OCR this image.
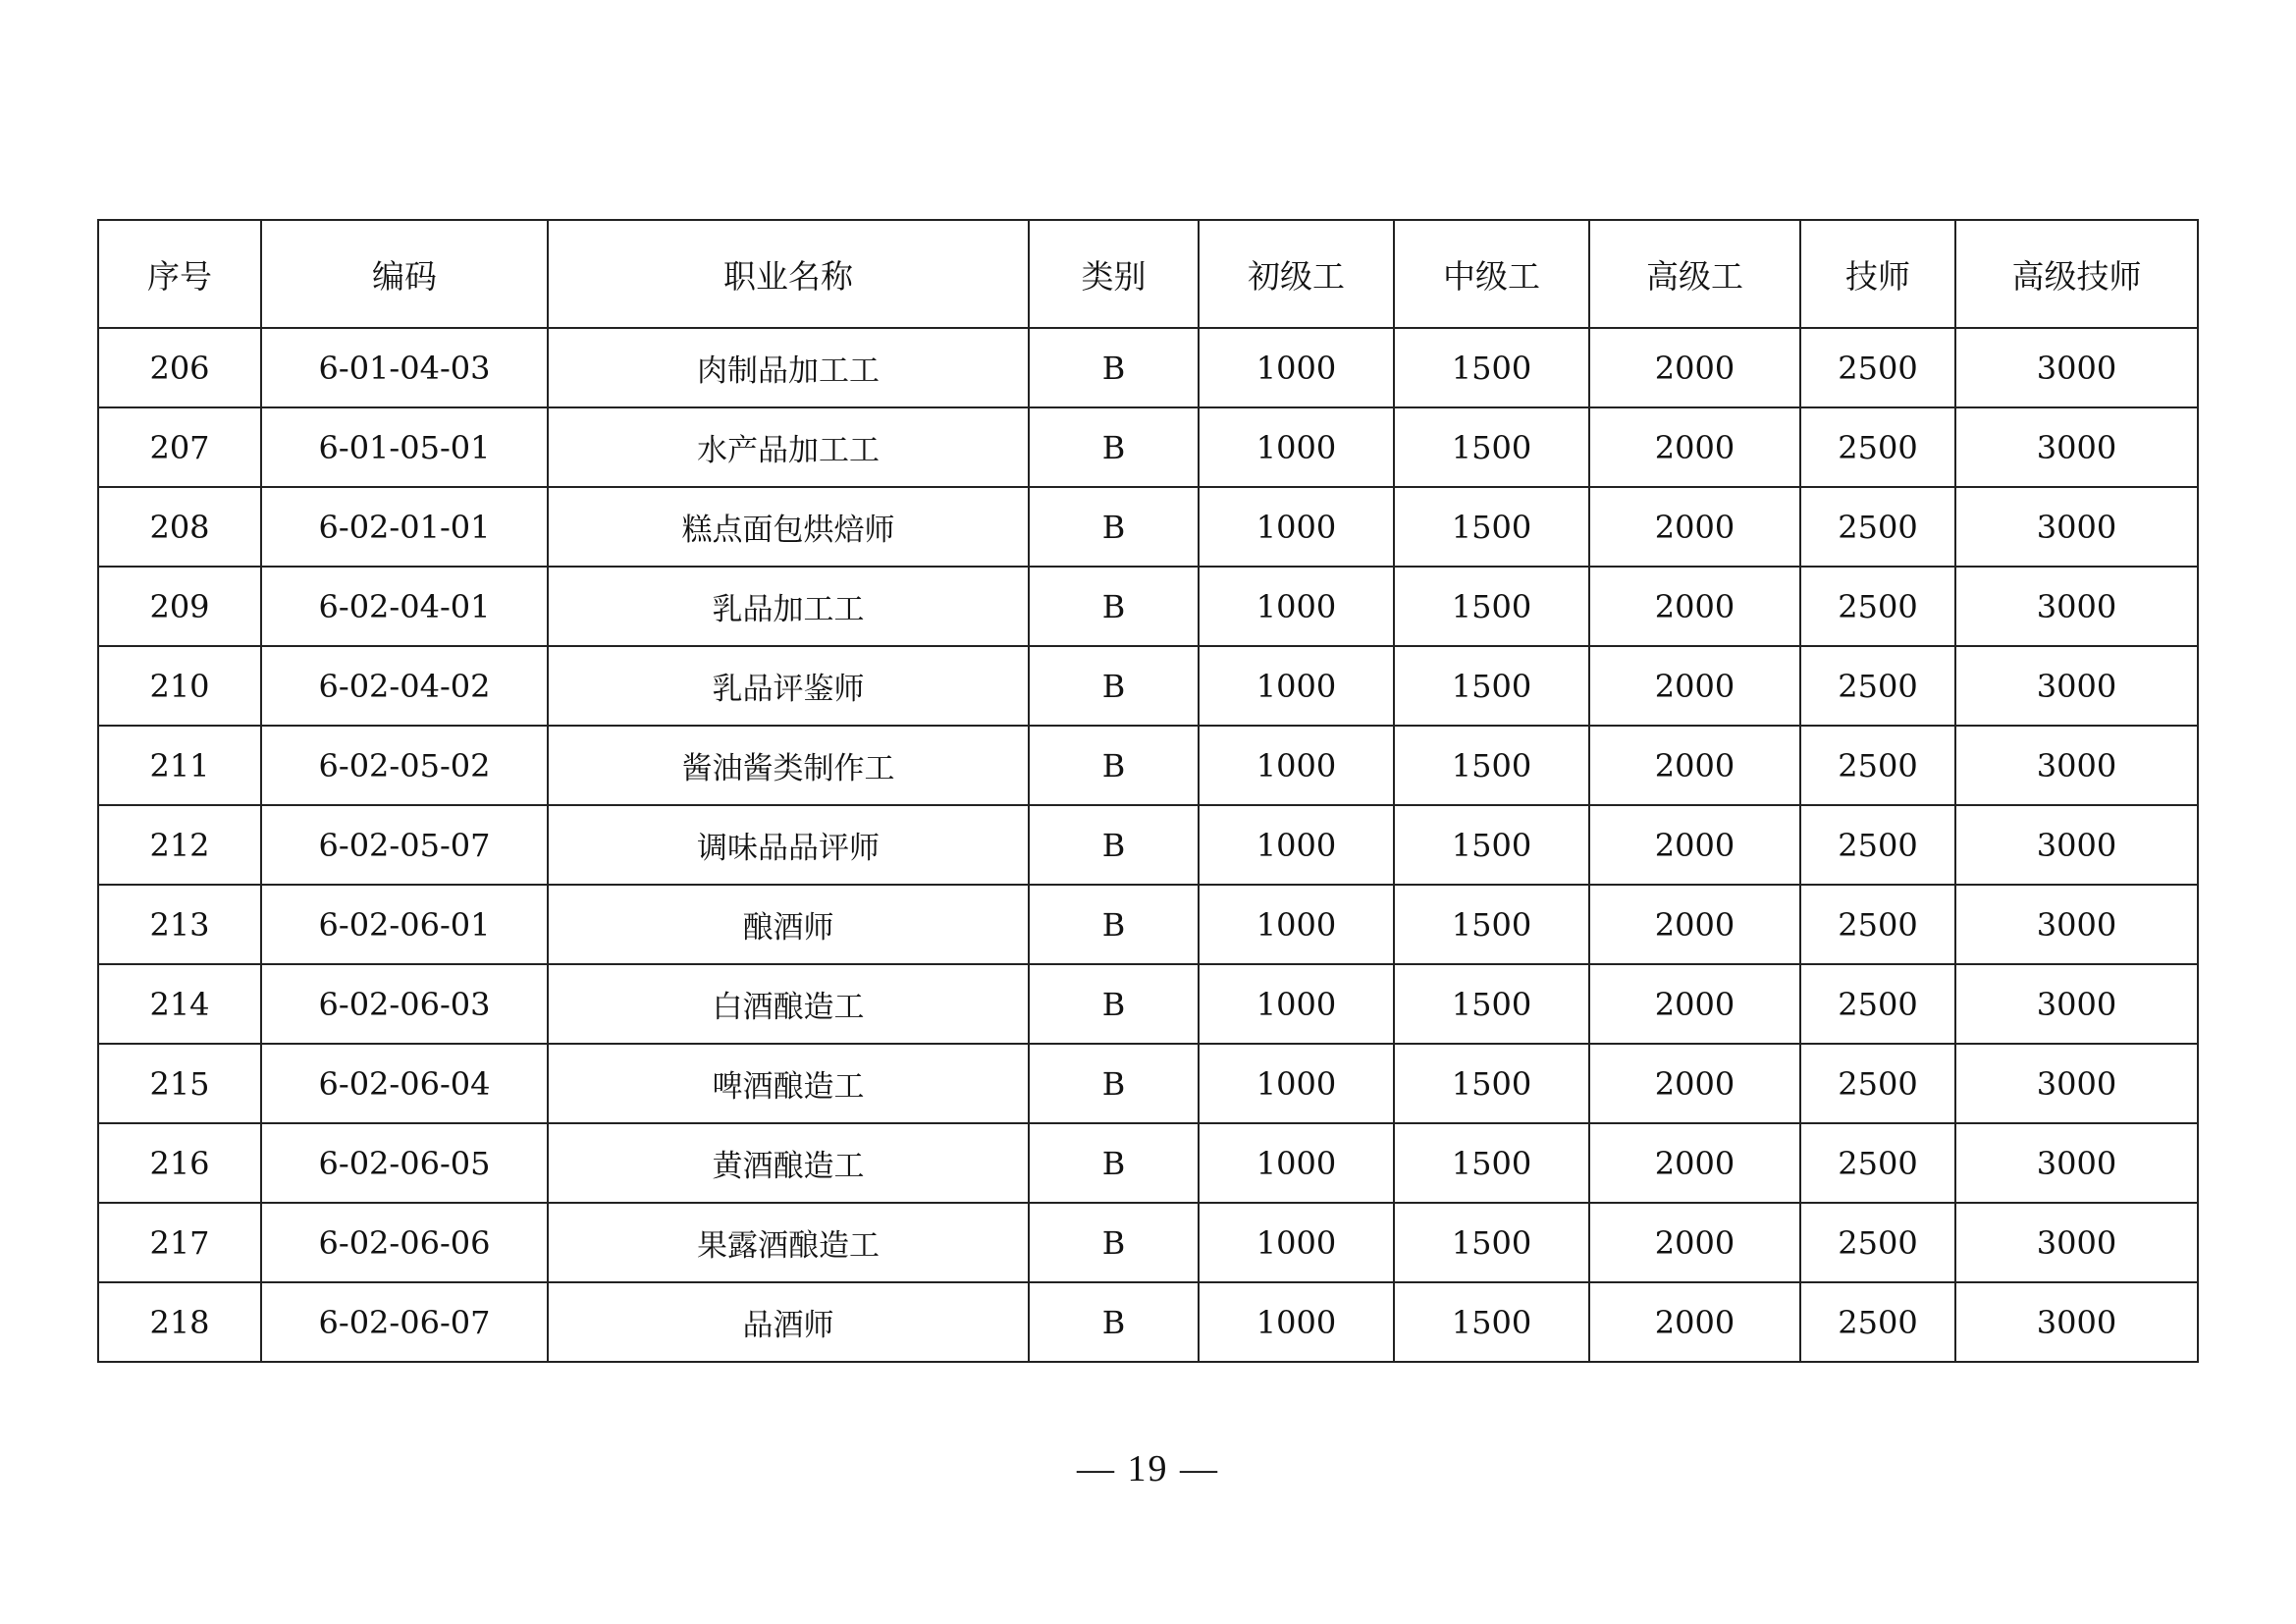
序号	编码	职业名称	类别	初级工	中级工	高级工	技师	高级技师
206	6-01-04-03	肉制品加工工	B	1000	1500	2000	2500	3000
207	6-01-05-01	水产品加工工	B	1000	1500	2000	2500	3000
208	6-02-01-01	糕点面包烘焙师	B	1000	1500	2000	2500	3000
209	6-02-04-01	乳品加工工	B	1000	1500	2000	2500	3000
210	6-02-04-02	乳品评鉴师	B	1000	1500	2000	2500	3000
211	6-02-05-02	酱油酱类制作工	B	1000	1500	2000	2500	3000
212	6-02-05-07	调味品品评师	B	1000	1500	2000	2500	3000
213	6-02-06-01	酿酒师	B	1000	1500	2000	2500	3000
214	6-02-06-03	白酒酿造工	B	1000	1500	2000	2500	3000
215	6-02-06-04	啤酒酿造工	B	1000	1500	2000	2500	3000
216	6-02-06-05	黄酒酿造工	B	1000	1500	2000	2500	3000
217	6-02-06-06	果露酒酿造工	B	1000	1500	2000	2500	3000
218	6-02-06-07	品酒师	B	1000	1500	2000	2500	3000
— 19 —
